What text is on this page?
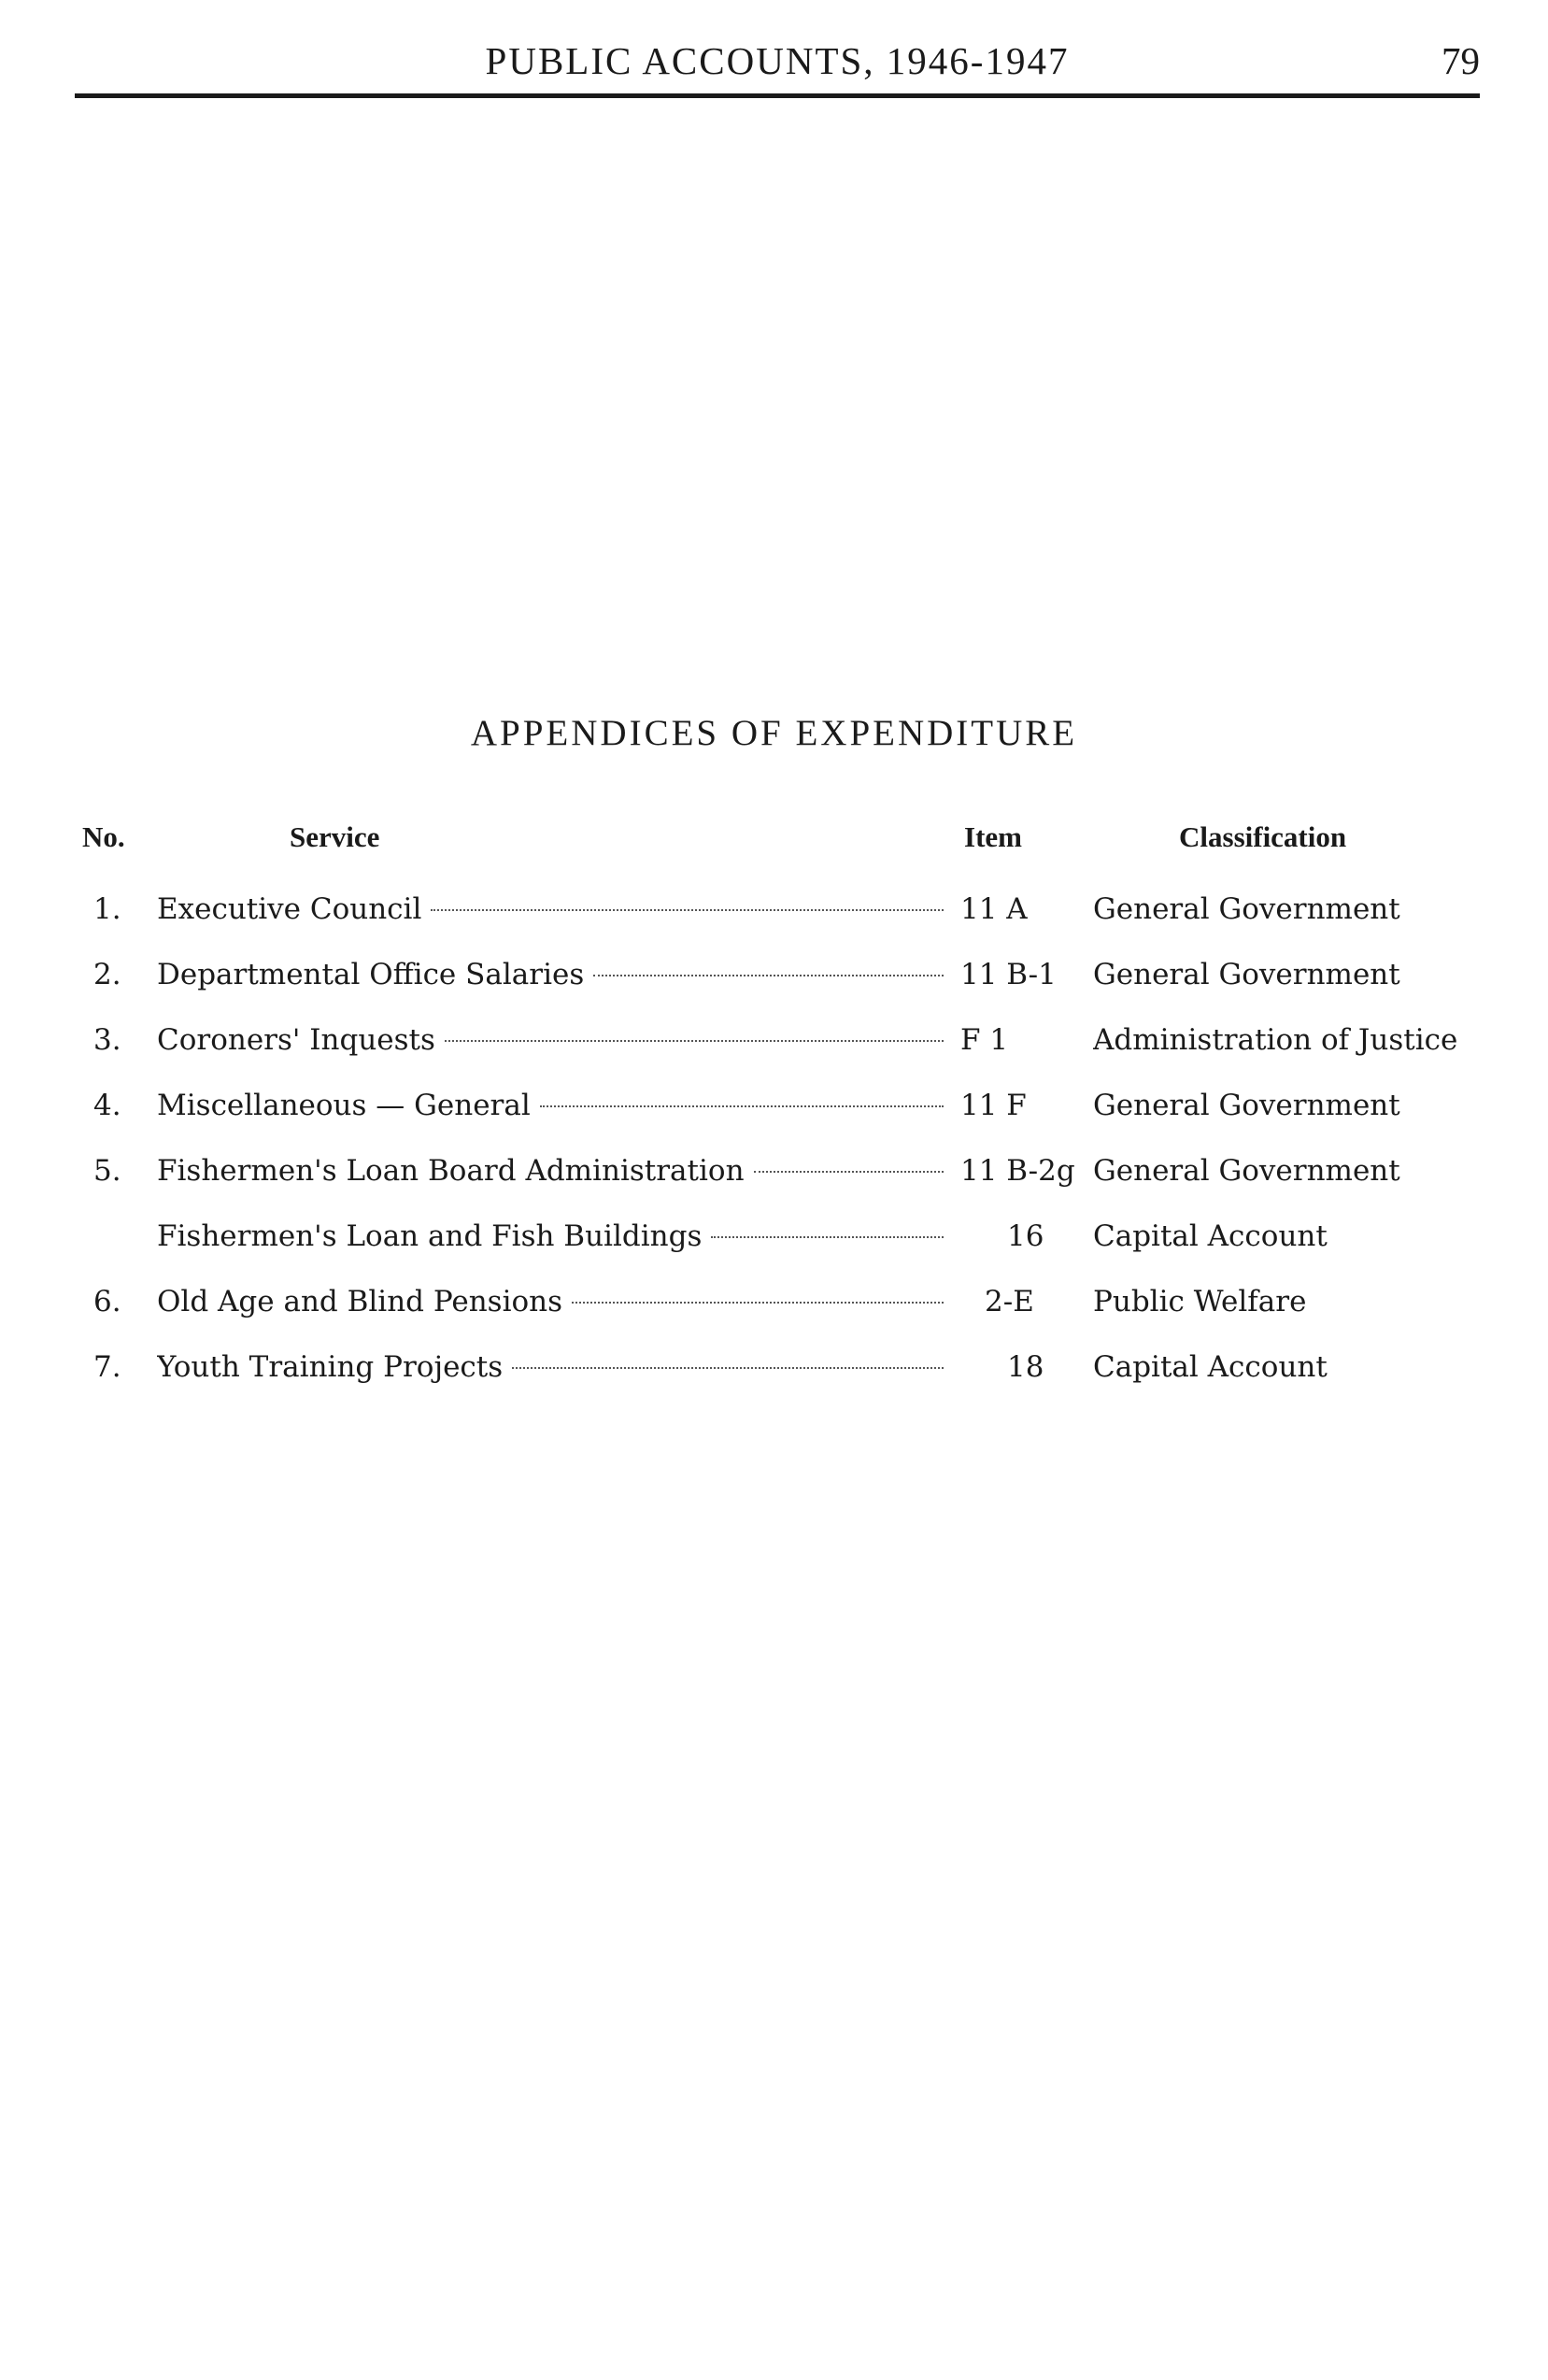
PUBLIC ACCOUNTS, 1946-1947	79
APPENDICES OF EXPENDITURE
No.	Service	Item	Classification
1.	Executive Council	11 A	General Government
2.	Departmental Office Salaries	11 B-1	General Government
3.	Coroners' Inquests	F 1	Administration of Justice
4.	Miscellaneous — General	11 F	General Government
5.	Fishermen's Loan Board Administration	11 B-2g General Government
Fishermen's Loan and Fish Buildings	16	Capital Account
6.	Old Age and Blind Pensions	2-E	Public Welfare
7.	Youth Training Projects	18	Capital Account
